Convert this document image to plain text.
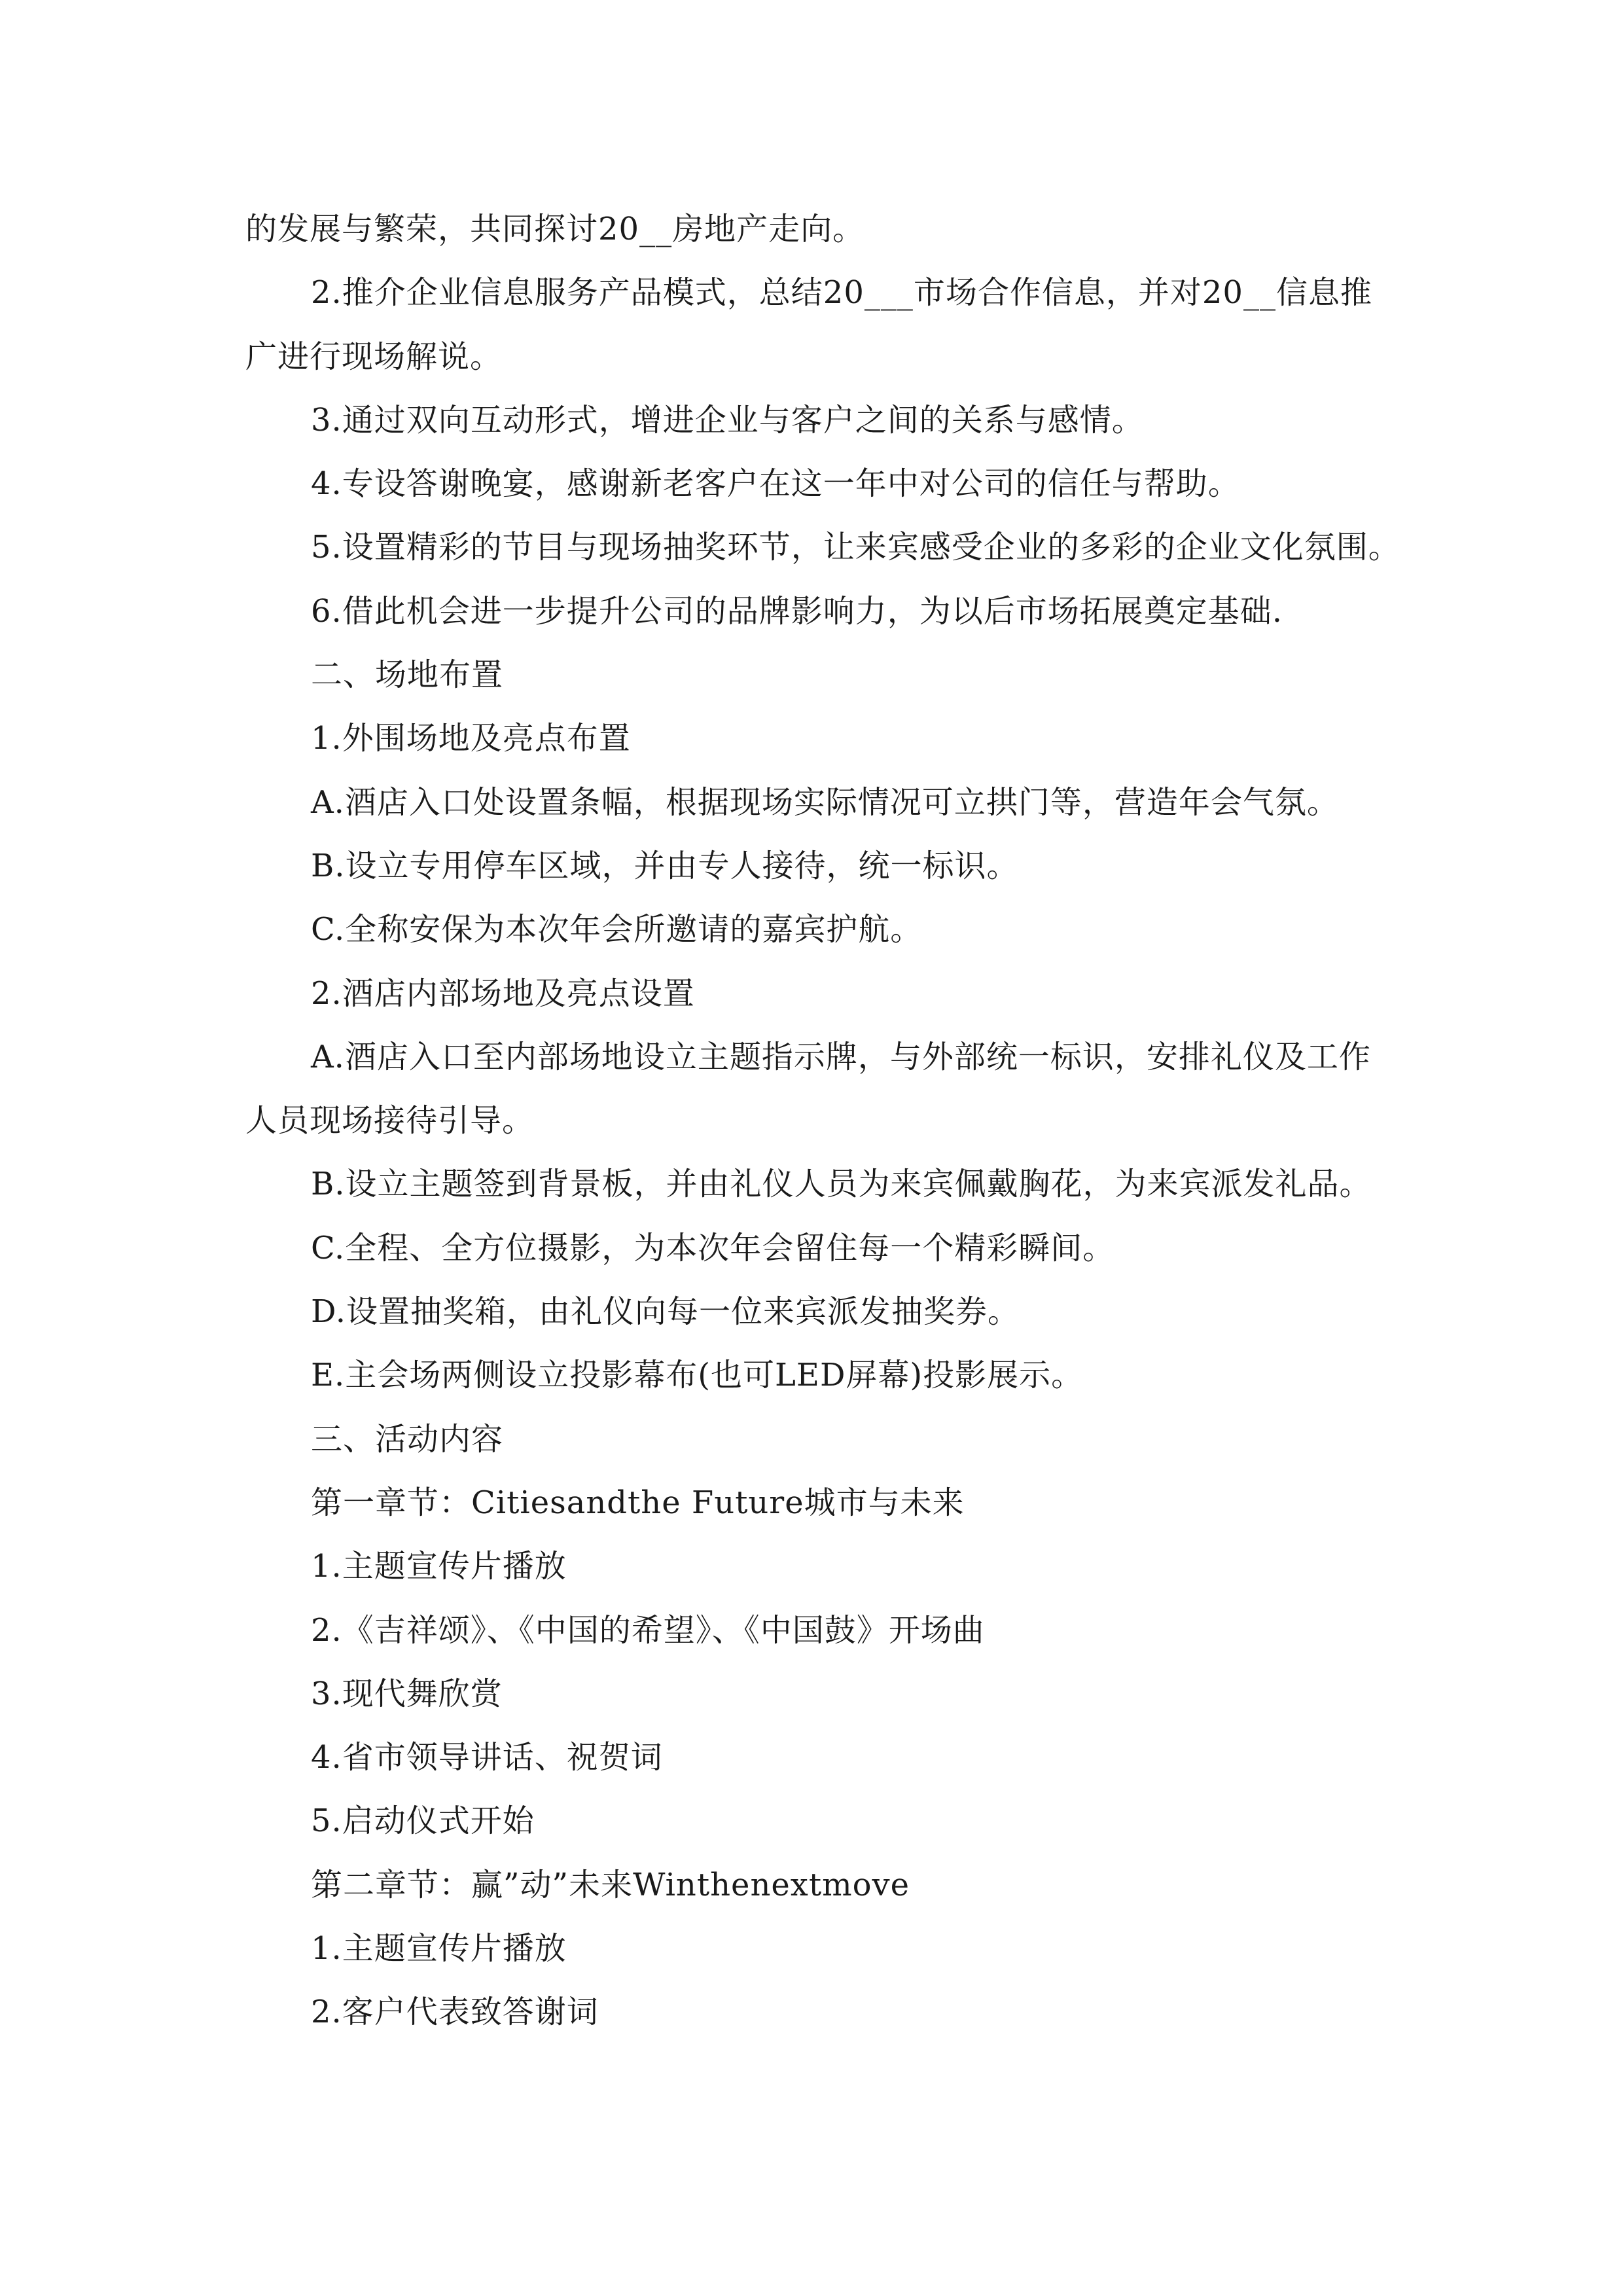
的发展与繁荣，共同探讨20__房地产走向。
2.推介企业信息服务产品模式，总结20___市场合作信息，并对20__信息推
广进行现场解说。
3.通过双向互动形式，增进企业与客户之间的关系与感情。
4.专设答谢晚宴，感谢新老客户在这一年中对公司的信任与帮助。
5.设置精彩的节目与现场抽奖环节，让来宾感受企业的多彩的企业文化氛围。
6.借此机会进一步提升公司的品牌影响力，为以后市场拓展奠定基础.
二、场地布置
1.外围场地及亮点布置
A.酒店入口处设置条幅，根据现场实际情况可立拱门等，营造年会气氛。
B.设立专用停车区域，并由专人接待，统一标识。
C.全称安保为本次年会所邀请的嘉宾护航。
2.酒店内部场地及亮点设置
A.酒店入口至内部场地设立主题指示牌，与外部统一标识，安排礼仪及工作
人员现场接待引导。
B.设立主题签到背景板，并由礼仪人员为来宾佩戴胸花，为来宾派发礼品。
C.全程、全方位摄影，为本次年会留住每一个精彩瞬间。
D.设置抽奖箱，由礼仪向每一位来宾派发抽奖券。
E.主会场两侧设立投影幕布(也可LED屏幕)投影展示。
三、活动内容
第一章节：Citiesandthe Future城市与未来
1.主题宣传片播放
2.《吉祥颂》、《中国的希望》、《中国鼓》开场曲
3.现代舞欣赏
4.省市领导讲话、祝贺词
5.启动仪式开始
第二章节：赢”动”未来Winthenextmove
1.主题宣传片播放
2.客户代表致答谢词
